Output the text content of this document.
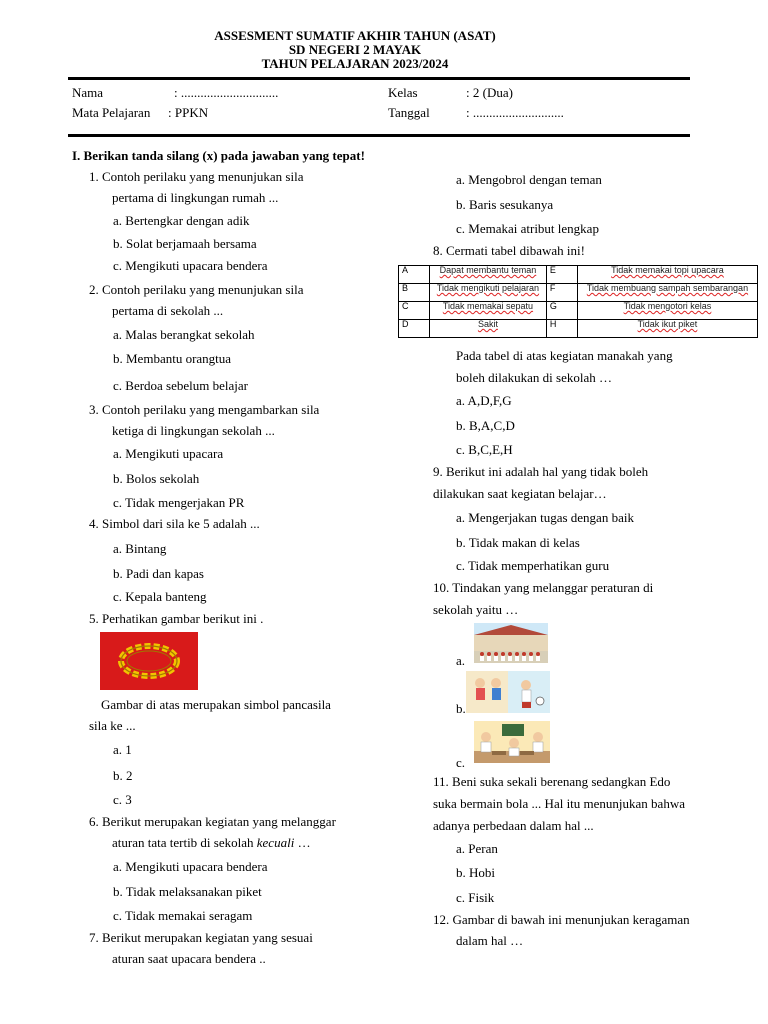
ASSESMENT SUMATIF AKHIR TAHUN (ASAT)
SD NEGERI 2 MAYAK
TAHUN PELAJARAN 2023/2024
Nama	: ..............................	Kelas	: 2 (Dua)
Mata Pelajaran : PPKN	Tanggal	: ............................
I. Berikan tanda silang (x) pada jawaban yang tepat!
1. Contoh perilaku yang menunjukan sila
pertama di lingkungan rumah ...
a. Bertengkar dengan adik
b. Solat berjamaah bersama
c. Mengikuti upacara bendera
2. Contoh perilaku yang menunjukan sila
pertama di sekolah ...
a. Malas berangkat sekolah
b. Membantu orangtua
c. Berdoa sebelum belajar
3. Contoh perilaku yang mengambarkan sila
ketiga di lingkungan sekolah ...
a. Mengikuti upacara
b. Bolos sekolah
c. Tidak mengerjakan PR
4. Simbol dari sila ke 5 adalah ...
a. Bintang
b. Padi dan kapas
c. Kepala banteng
5. Perhatikan gambar berikut ini .
Gambar di atas merupakan simbol pancasila
sila ke ...
a. 1
b. 2
c. 3
6. Berikut merupakan kegiatan yang melanggar
aturan tata tertib di sekolah kecuali …
a. Mengikuti upacara bendera
b. Tidak melaksanakan piket
c. Tidak memakai seragam
7. Berikut merupakan kegiatan yang sesuai
aturan saat upacara bendera ..
a. Mengobrol dengan teman
b. Baris sesukanya
c. Memakai atribut lengkap
8. Cermati tabel dibawah ini!
A	Dapat membantu teman	E	Tidak memakai topi upacara
B	Tidak mengikuti pelajaran	F	Tidak membuang sampah sembarangan
C	Tidak memakai sepatu	G	Tidak mengotori kelas
D	Sakit	H	Tidak ikut piket
Pada tabel di atas kegiatan manakah yang
boleh dilakukan di sekolah …
a. A,D,F,G
b. B,A,C,D
c. B,C,E,H
9. Berikut ini adalah hal yang tidak boleh
dilakukan saat kegiatan belajar…
a. Mengerjakan tugas dengan baik
b. Tidak makan di kelas
c. Tidak memperhatikan guru
10. Tindakan yang melanggar peraturan di
sekolah yaitu …
a.
b.
c.
11. Beni suka sekali berenang sedangkan Edo
suka bermain bola ... Hal itu menunjukan bahwa
adanya perbedaan dalam hal ...
a. Peran
b. Hobi
c. Fisik
12. Gambar di bawah ini menunjukan keragaman
dalam hal …
